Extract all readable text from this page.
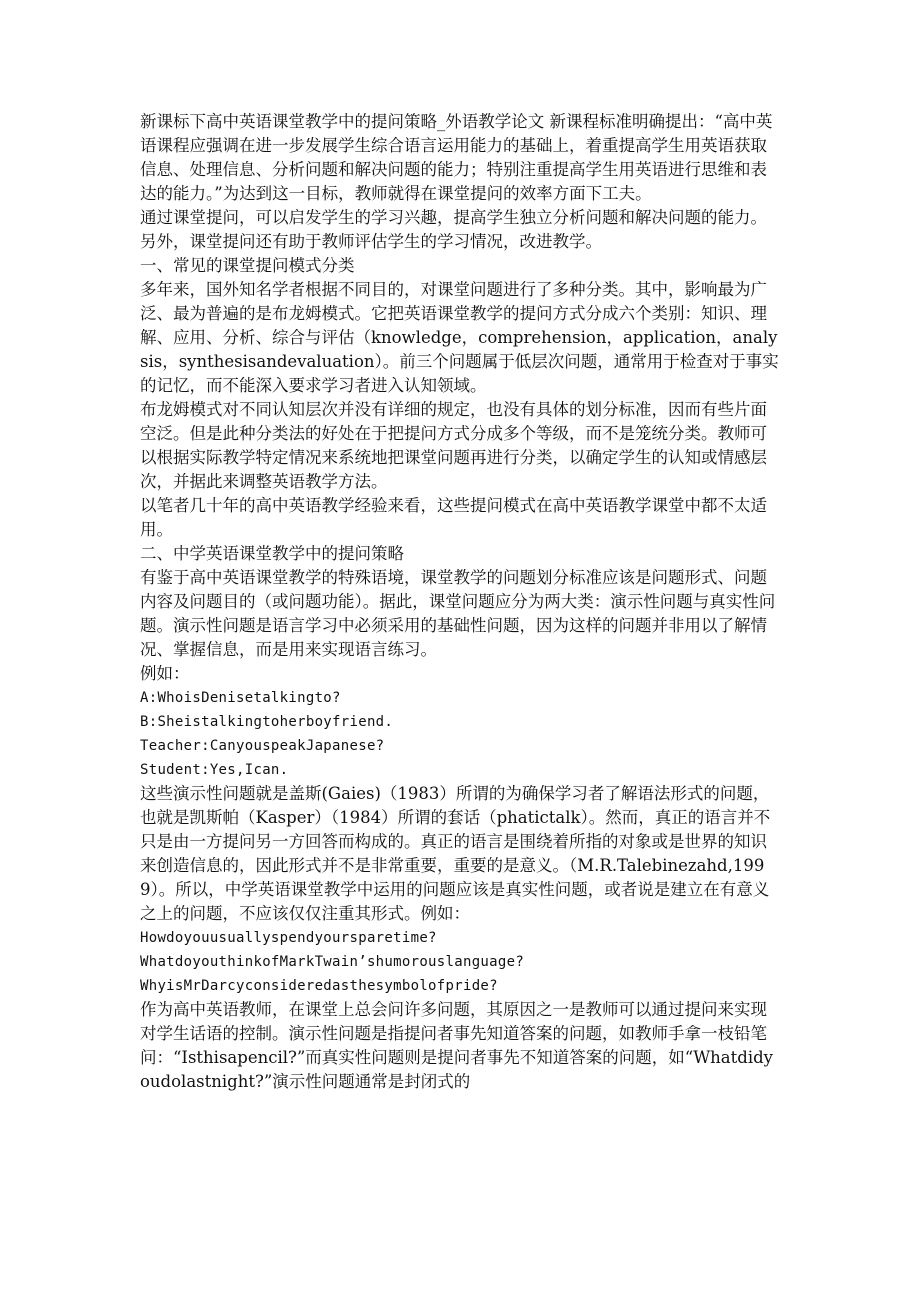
新课标下高中英语课堂教学中的提问策略_外语教学论文 新课程标准明确提出：“高中英语课程应强调在进一步发展学生综合语言运用能力的基础上，着重提高学生用英语获取信息、处理信息、分析问题和解决问题的能力；特别注重提高学生用英语进行思维和表达的能力。”为达到这一目标，教师就得在课堂提问的效率方面下工夫。

通过课堂提问，可以启发学生的学习兴趣，提高学生独立分析问题和解决问题的能力。另外，课堂提问还有助于教师评估学生的学习情况，改进教学。

一、常见的课堂提问模式分类

多年来，国外知名学者根据不同目的，对课堂问题进行了多种分类。其中，影响最为广泛、最为普遍的是布龙姆模式。它把英语课堂教学的提问方式分成六个类别：知识、理解、应用、分析、综合与评估（knowledge，comprehension，application，analysis，synthesisandevaluation）。前三个问题属于低层次问题，通常用于检查对于事实的记忆，而不能深入要求学习者进入认知领域。

布龙姆模式对不同认知层次并没有详细的规定，也没有具体的划分标准，因而有些片面空泛。但是此种分类法的好处在于把提问方式分成多个等级，而不是笼统分类。教师可以根据实际教学特定情况来系统地把课堂问题再进行分类，以确定学生的认知或情感层次，并据此来调整英语教学方法。

以笔者几十年的高中英语教学经验来看，这些提问模式在高中英语教学课堂中都不太适用。

二、中学英语课堂教学中的提问策略

有鉴于高中英语课堂教学的特殊语境，课堂教学的问题划分标准应该是问题形式、问题内容及问题目的（或问题功能）。据此，课堂问题应分为两大类：演示性问题与真实性问题。演示性问题是语言学习中必须采用的基础性问题，因为这样的问题并非用以了解情况、掌握信息，而是用来实现语言练习。

例如：

A:WhoisDenisetalkingto?

B:Sheistalkingtoherboyfriend.

Teacher:CanyouspeakJapanese?

Student:Yes,Ican.

这些演示性问题就是盖斯(Gaies)（1983）所谓的为确保学习者了解语法形式的问题，也就是凯斯帕（Kasper）（1984）所谓的套话（phatictalk）。然而，真正的语言并不只是由一方提问另一方回答而构成的。真正的语言是围绕着所指的对象或是世界的知识来创造信息的，因此形式并不是非常重要，重要的是意义。（M.R.Talebinezahd,1999）。所以，中学英语课堂教学中运用的问题应该是真实性问题，或者说是建立在有意义之上的问题，不应该仅仅注重其形式。例如：

Howdoyouusuallyspendyoursparetime?

WhatdoyouthinkofMarkTwain’shumorouslanguage?

WhyisMrDarcyconsideredasthesymbolofpride?

作为高中英语教师，在课堂上总会问许多问题，其原因之一是教师可以通过提问来实现对学生话语的控制。演示性问题是指提问者事先知道答案的问题，如教师手拿一枝铅笔问：“Isthisapencil?”而真实性问题则是提问者事先不知道答案的问题，如“Whatdidyoudolastnight?”演示性问题通常是封闭式的
